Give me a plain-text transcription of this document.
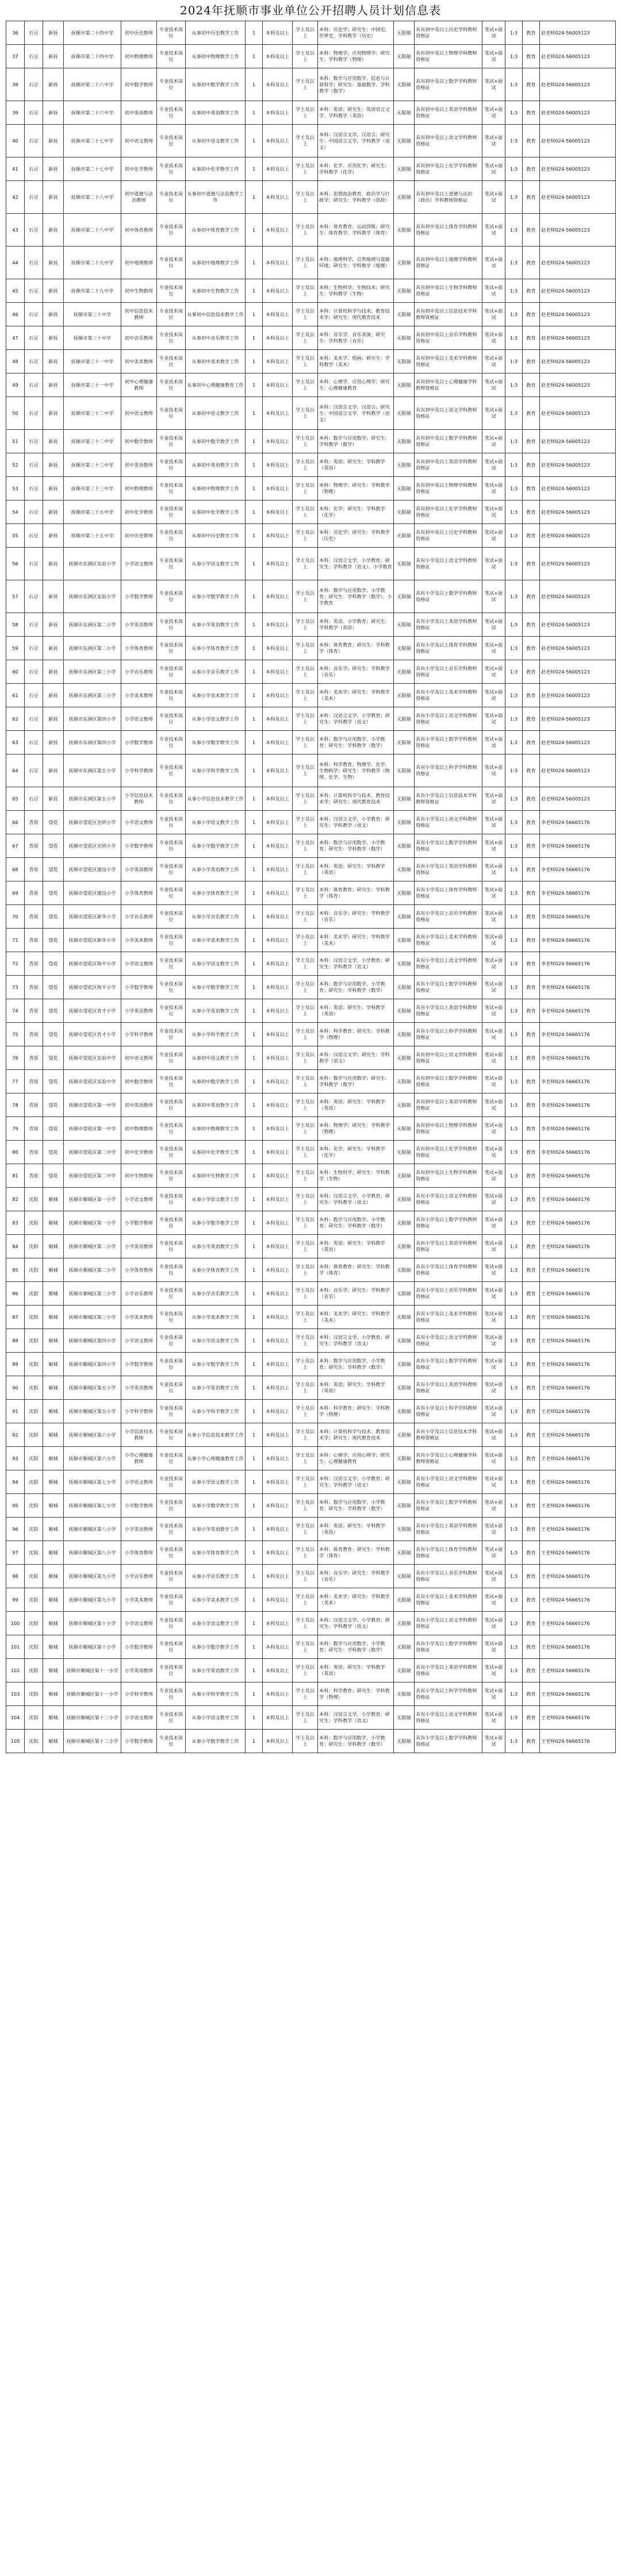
2024年抚顺市事业单位公开招聘人员计划信息表
36	石豆	新抚	抚顺市第二十四中学	初中历史教师	专业技术岗位	从事初中历史教学工作	1	本科及以上	学士及以上	本科：历史学；研究生：中国史、世界史、学科教学（历史）	无限制	具有初中及以上历史学科教师资格证	笔试+面试	1:3	教育	赵老师024-56005123
37	石豆	新抚	抚顺市第二十四中学	初中物理教师	专业技术岗位	从事初中物理教学工作	1	本科及以上	学士及以上	本科：物理学、应用物理学；研究生：学科教学（物理）	无限制	具有初中及以上物理学科教师资格证	笔试+面试	1:3	教育	赵老师024-56005123
38	石豆	新抚	抚顺市第二十六中学	初中数学教师	专业技术岗位	从事初中数学教学工作	1	本科及以上	学士及以上	本科：数学与应用数学、信息与计算科学；研究生：基础数学、学科教学（数学）	无限制	具有初中及以上数学学科教师资格证	笔试+面试	1:3	教育	赵老师024-56005123
39	石豆	新抚	抚顺市第二十六中学	初中英语教师	专业技术岗位	从事初中英语教学工作	1	本科及以上	学士及以上	本科：英语；研究生：英语语言文学、学科教学（英语）	无限制	具有初中及以上英语学科教师资格证	笔试+面试	1:3	教育	赵老师024-56005123
40	石豆	新抚	抚顺市第二十七中学	初中语文教师	专业技术岗位	从事初中语文教学工作	1	本科及以上	学士及以上	本科：汉语言文学、汉语言；研究生：中国语言文学、学科教学（语文）	无限制	具有初中及以上语文学科教师资格证	笔试+面试	1:3	教育	赵老师024-56005123
41	石豆	新抚	抚顺市第二十七中学	初中化学教师	专业技术岗位	从事初中化学教学工作	1	本科及以上	学士及以上	本科：化学、应用化学；研究生：学科教学（化学）	无限制	具有初中及以上化学学科教师资格证	笔试+面试	1:3	教育	赵老师024-56005123
42	石豆	新抚	抚顺市第二十八中学	初中道德与法治教师	专业技术岗位	从事初中道德与法治教学工作	1	本科及以上	学士及以上	本科：思想政治教育、政治学与行政学；研究生：学科教学（思政）	无限制	具有初中及以上道德与法治（政治）学科教师资格证	笔试+面试	1:3	教育	赵老师024-56005123
43	石豆	新抚	抚顺市第二十八中学	初中体育教师	专业技术岗位	从事初中体育教学工作	1	本科及以上	学士及以上	本科：体育教育、运动训练；研究生：体育教学、学科教学（体育）	无限制	具有初中及以上体育学科教师资格证	笔试+面试	1:3	教育	赵老师024-56005123
44	石豆	新抚	抚顺市第二十九中学	初中地理教师	专业技术岗位	从事初中地理教学工作	1	本科及以上	学士及以上	本科：地理科学、自然地理与资源环境；研究生：学科教学（地理）	无限制	具有初中及以上地理学科教师资格证	笔试+面试	1:3	教育	赵老师024-56005123
45	石豆	新抚	抚顺市第二十九中学	初中生物教师	专业技术岗位	从事初中生物教学工作	1	本科及以上	学士及以上	本科：生物科学、生物技术；研究生：学科教学（生物）	无限制	具有初中及以上生物学科教师资格证	笔试+面试	1:3	教育	赵老师024-56005123
46	石豆	新抚	抚顺市第三十中学	初中信息技术教师	专业技术岗位	从事初中信息技术教学工作	1	本科及以上	学士及以上	本科：计算机科学与技术、教育技术学；研究生：现代教育技术	无限制	具有初中及以上信息技术学科教师资格证	笔试+面试	1:3	教育	赵老师024-56005123
47	石豆	新抚	抚顺市第三十中学	初中音乐教师	专业技术岗位	从事初中音乐教学工作	1	本科及以上	学士及以上	本科：音乐学、音乐表演；研究生：学科教学（音乐）	无限制	具有初中及以上音乐学科教师资格证	笔试+面试	1:3	教育	赵老师024-56005123
48	石豆	新抚	抚顺市第三十一中学	初中美术教师	专业技术岗位	从事初中美术教学工作	1	本科及以上	学士及以上	本科：美术学、绘画；研究生：学科教学（美术）	无限制	具有初中及以上美术学科教师资格证	笔试+面试	1:3	教育	赵老师024-56005123
49	石豆	新抚	抚顺市第三十一中学	初中心理健康教师	专业技术岗位	从事初中心理健康教育工作	1	本科及以上	学士及以上	本科：心理学、应用心理学；研究生：心理健康教育	无限制	具有初中及以上心理健康学科教师资格证	笔试+面试	1:3	教育	赵老师024-56005123
50	石豆	新抚	抚顺市第三十二中学	初中语文教师	专业技术岗位	从事初中语文教学工作	1	本科及以上	学士及以上	本科：汉语言文学、汉语言；研究生：中国语言文学、学科教学（语文）	无限制	具有初中及以上语文学科教师资格证	笔试+面试	1:3	教育	赵老师024-56005123
51	石豆	新抚	抚顺市第三十二中学	初中数学教师	专业技术岗位	从事初中数学教学工作	1	本科及以上	学士及以上	本科：数学与应用数学；研究生：学科教学（数学）	无限制	具有初中及以上数学学科教师资格证	笔试+面试	1:3	教育	赵老师024-56005123
52	石豆	新抚	抚顺市第三十三中学	初中英语教师	专业技术岗位	从事初中英语教学工作	1	本科及以上	学士及以上	本科：英语；研究生：学科教学（英语）	无限制	具有初中及以上英语学科教师资格证	笔试+面试	1:3	教育	赵老师024-56005123
53	石豆	新抚	抚顺市第三十三中学	初中物理教师	专业技术岗位	从事初中物理教学工作	1	本科及以上	学士及以上	本科：物理学；研究生：学科教学（物理）	无限制	具有初中及以上物理学科教师资格证	笔试+面试	1:3	教育	赵老师024-56005123
54	石豆	新抚	抚顺市第三十五中学	初中化学教师	专业技术岗位	从事初中化学教学工作	1	本科及以上	学士及以上	本科：化学；研究生：学科教学（化学）	无限制	具有初中及以上化学学科教师资格证	笔试+面试	1:3	教育	赵老师024-56005123
55	石豆	新抚	抚顺市第三十五中学	初中历史教师	专业技术岗位	从事初中历史教学工作	1	本科及以上	学士及以上	本科：历史学；研究生：学科教学（历史）	无限制	具有初中及以上历史学科教师资格证	笔试+面试	1:3	教育	赵老师024-56005123
56	石豆	新抚	抚顺市东洲区实验小学	小学语文教师	专业技术岗位	从事小学语文教学工作	1	本科及以上	学士及以上	本科：汉语言文学、小学教育；研究生：学科教学（语文）、小学教育	无限制	具有小学及以上语文学科教师资格证	笔试+面试	1:3	教育	赵老师024-56005123
57	石豆	新抚	抚顺市东洲区实验小学	小学数学教师	专业技术岗位	从事小学数学教学工作	1	本科及以上	学士及以上	本科：数学与应用数学、小学教育；研究生：学科教学（数学）、小学教育	无限制	具有小学及以上数学学科教师资格证	笔试+面试	1:3	教育	赵老师024-56005123
58	石豆	新抚	抚顺市东洲区第二小学	小学英语教师	专业技术岗位	从事小学英语教学工作	1	本科及以上	学士及以上	本科：英语、小学教育；研究生：学科教学（英语）	无限制	具有小学及以上英语学科教师资格证	笔试+面试	1:3	教育	赵老师024-56005123
59	石豆	新抚	抚顺市东洲区第二小学	小学体育教师	专业技术岗位	从事小学体育教学工作	1	本科及以上	学士及以上	本科：体育教育；研究生：学科教学（体育）	无限制	具有小学及以上体育学科教师资格证	笔试+面试	1:3	教育	赵老师024-56005123
60	石豆	新抚	抚顺市东洲区第三小学	小学音乐教师	专业技术岗位	从事小学音乐教学工作	1	本科及以上	学士及以上	本科：音乐学；研究生：学科教学（音乐）	无限制	具有小学及以上音乐学科教师资格证	笔试+面试	1:3	教育	赵老师024-56005123
61	石豆	新抚	抚顺市东洲区第三小学	小学美术教师	专业技术岗位	从事小学美术教学工作	1	本科及以上	学士及以上	本科：美术学；研究生：学科教学（美术）	无限制	具有小学及以上美术学科教师资格证	笔试+面试	1:3	教育	赵老师024-56005123
62	石豆	新抚	抚顺市东洲区第四小学	小学语文教师	专业技术岗位	从事小学语文教学工作	1	本科及以上	学士及以上	本科：汉语言文学、小学教育；研究生：学科教学（语文）	无限制	具有小学及以上语文学科教师资格证	笔试+面试	1:3	教育	赵老师024-56005123
63	石豆	新抚	抚顺市东洲区第四小学	小学数学教师	专业技术岗位	从事小学数学教学工作	1	本科及以上	学士及以上	本科：数学与应用数学、小学教育；研究生：学科教学（数学）	无限制	具有小学及以上数学学科教师资格证	笔试+面试	1:3	教育	赵老师024-56005123
64	石豆	新抚	抚顺市东洲区第五小学	小学科学教师	专业技术岗位	从事小学科学教学工作	1	本科及以上	学士及以上	本科：科学教育、物理学、化学、生物科学；研究生：学科教学（物理、化学、生物）	无限制	具有小学及以上科学学科教师资格证	笔试+面试	1:3	教育	赵老师024-56005123
65	石豆	新抚	抚顺市东洲区第五小学	小学信息技术教师	专业技术岗位	从事小学信息技术教学工作	1	本科及以上	学士及以上	本科：计算机科学与技术、教育技术学；研究生：现代教育技术	无限制	具有小学及以上信息技术学科教师资格证	笔试+面试	1:3	教育	赵老师024-56005123
66	青原	望花	抚顺市望花区光明小学	小学语文教师	专业技术岗位	从事小学语文教学工作	1	本科及以上	学士及以上	本科：汉语言文学、小学教育；研究生：学科教学（语文）	无限制	具有小学及以上语文学科教师资格证	笔试+面试	1:3	教育	李老师024-56665176
67	青原	望花	抚顺市望花区光明小学	小学数学教师	专业技术岗位	从事小学数学教学工作	1	本科及以上	学士及以上	本科：数学与应用数学、小学教育；研究生：学科教学（数学）	无限制	具有小学及以上数学学科教师资格证	笔试+面试	1:3	教育	李老师024-56665176
68	青原	望花	抚顺市望花区建设小学	小学英语教师	专业技术岗位	从事小学英语教学工作	1	本科及以上	学士及以上	本科：英语；研究生：学科教学（英语）	无限制	具有小学及以上英语学科教师资格证	笔试+面试	1:3	教育	李老师024-56665176
69	青原	望花	抚顺市望花区建设小学	小学体育教师	专业技术岗位	从事小学体育教学工作	1	本科及以上	学士及以上	本科：体育教育；研究生：学科教学（体育）	无限制	具有小学及以上体育学科教师资格证	笔试+面试	1:3	教育	李老师024-56665176
70	青原	望花	抚顺市望花区新华小学	小学音乐教师	专业技术岗位	从事小学音乐教学工作	1	本科及以上	学士及以上	本科：音乐学；研究生：学科教学（音乐）	无限制	具有小学及以上音乐学科教师资格证	笔试+面试	1:3	教育	李老师024-56665176
71	青原	望花	抚顺市望花区新华小学	小学美术教师	专业技术岗位	从事小学美术教学工作	1	本科及以上	学士及以上	本科：美术学；研究生：学科教学（美术）	无限制	具有小学及以上美术学科教师资格证	笔试+面试	1:3	教育	李老师024-56665176
72	青原	望花	抚顺市望花区和平小学	小学语文教师	专业技术岗位	从事小学语文教学工作	1	本科及以上	学士及以上	本科：汉语言文学、小学教育；研究生：学科教学（语文）	无限制	具有小学及以上语文学科教师资格证	笔试+面试	1:3	教育	李老师024-56665176
73	青原	望花	抚顺市望花区和平小学	小学数学教师	专业技术岗位	从事小学数学教学工作	1	本科及以上	学士及以上	本科：数学与应用数学、小学教育；研究生：学科教学（数学）	无限制	具有小学及以上数学学科教师资格证	笔试+面试	1:3	教育	李老师024-56665176
74	青原	望花	抚顺市望花区育才小学	小学英语教师	专业技术岗位	从事小学英语教学工作	1	本科及以上	学士及以上	本科：英语；研究生：学科教学（英语）	无限制	具有小学及以上英语学科教师资格证	笔试+面试	1:3	教育	李老师024-56665176
75	青原	望花	抚顺市望花区育才小学	小学科学教师	专业技术岗位	从事小学科学教学工作	1	本科及以上	学士及以上	本科：科学教育；研究生：学科教学（物理）	无限制	具有小学及以上科学学科教师资格证	笔试+面试	1:3	教育	李老师024-56665176
76	青原	望花	抚顺市望花区实验中学	初中语文教师	专业技术岗位	从事初中语文教学工作	1	本科及以上	学士及以上	本科：汉语言文学；研究生：学科教学（语文）	无限制	具有初中及以上语文学科教师资格证	笔试+面试	1:3	教育	李老师024-56665176
77	青原	望花	抚顺市望花区实验中学	初中数学教师	专业技术岗位	从事初中数学教学工作	1	本科及以上	学士及以上	本科：数学与应用数学；研究生：学科教学（数学）	无限制	具有初中及以上数学学科教师资格证	笔试+面试	1:3	教育	李老师024-56665176
78	青原	望花	抚顺市望花区第一中学	初中英语教师	专业技术岗位	从事初中英语教学工作	1	本科及以上	学士及以上	本科：英语；研究生：学科教学（英语）	无限制	具有初中及以上英语学科教师资格证	笔试+面试	1:3	教育	李老师024-56665176
79	青原	望花	抚顺市望花区第一中学	初中物理教师	专业技术岗位	从事初中物理教学工作	1	本科及以上	学士及以上	本科：物理学；研究生：学科教学（物理）	无限制	具有初中及以上物理学科教师资格证	笔试+面试	1:3	教育	李老师024-56665176
80	青原	望花	抚顺市望花区第二中学	初中化学教师	专业技术岗位	从事初中化学教学工作	1	本科及以上	学士及以上	本科：化学；研究生：学科教学（化学）	无限制	具有初中及以上化学学科教师资格证	笔试+面试	1:3	教育	李老师024-56665176
81	青原	望花	抚顺市望花区第二中学	初中生物教师	专业技术岗位	从事初中生物教学工作	1	本科及以上	学士及以上	本科：生物科学；研究生：学科教学（生物）	无限制	具有初中及以上生物学科教师资格证	笔试+面试	1:3	教育	李老师024-56665176
82	沈阳	顺城	抚顺市顺城区第一小学	小学语文教师	专业技术岗位	从事小学语文教学工作	1	本科及以上	学士及以上	本科：汉语言文学、小学教育；研究生：学科教学（语文）	无限制	具有小学及以上语文学科教师资格证	笔试+面试	1:3	教育	王老师024-56665176
83	沈阳	顺城	抚顺市顺城区第一小学	小学数学教师	专业技术岗位	从事小学数学教学工作	1	本科及以上	学士及以上	本科：数学与应用数学、小学教育；研究生：学科教学（数学）	无限制	具有小学及以上数学学科教师资格证	笔试+面试	1:3	教育	王老师024-56665176
84	沈阳	顺城	抚顺市顺城区第二小学	小学英语教师	专业技术岗位	从事小学英语教学工作	1	本科及以上	学士及以上	本科：英语；研究生：学科教学（英语）	无限制	具有小学及以上英语学科教师资格证	笔试+面试	1:3	教育	王老师024-56665176
85	沈阳	顺城	抚顺市顺城区第二小学	小学体育教师	专业技术岗位	从事小学体育教学工作	1	本科及以上	学士及以上	本科：体育教育；研究生：学科教学（体育）	无限制	具有小学及以上体育学科教师资格证	笔试+面试	1:3	教育	王老师024-56665176
86	沈阳	顺城	抚顺市顺城区第三小学	小学音乐教师	专业技术岗位	从事小学音乐教学工作	1	本科及以上	学士及以上	本科：音乐学；研究生：学科教学（音乐）	无限制	具有小学及以上音乐学科教师资格证	笔试+面试	1:3	教育	王老师024-56665176
87	沈阳	顺城	抚顺市顺城区第三小学	小学美术教师	专业技术岗位	从事小学美术教学工作	1	本科及以上	学士及以上	本科：美术学；研究生：学科教学（美术）	无限制	具有小学及以上美术学科教师资格证	笔试+面试	1:3	教育	王老师024-56665176
88	沈阳	顺城	抚顺市顺城区第四小学	小学语文教师	专业技术岗位	从事小学语文教学工作	1	本科及以上	学士及以上	本科：汉语言文学、小学教育；研究生：学科教学（语文）	无限制	具有小学及以上语文学科教师资格证	笔试+面试	1:3	教育	王老师024-56665176
89	沈阳	顺城	抚顺市顺城区第四小学	小学数学教师	专业技术岗位	从事小学数学教学工作	1	本科及以上	学士及以上	本科：数学与应用数学、小学教育；研究生：学科教学（数学）	无限制	具有小学及以上数学学科教师资格证	笔试+面试	1:3	教育	王老师024-56665176
90	沈阳	顺城	抚顺市顺城区第五小学	小学英语教师	专业技术岗位	从事小学英语教学工作	1	本科及以上	学士及以上	本科：英语；研究生：学科教学（英语）	无限制	具有小学及以上英语学科教师资格证	笔试+面试	1:3	教育	王老师024-56665176
91	沈阳	顺城	抚顺市顺城区第五小学	小学科学教师	专业技术岗位	从事小学科学教学工作	1	本科及以上	学士及以上	本科：科学教育；研究生：学科教学（物理）	无限制	具有小学及以上科学学科教师资格证	笔试+面试	1:3	教育	王老师024-56665176
92	沈阳	顺城	抚顺市顺城区第六小学	小学信息技术教师	专业技术岗位	从事小学信息技术教学工作	1	本科及以上	学士及以上	本科：计算机科学与技术、教育技术学；研究生：现代教育技术	无限制	具有小学及以上信息技术学科教师资格证	笔试+面试	1:3	教育	王老师024-56665176
93	沈阳	顺城	抚顺市顺城区第六小学	小学心理健康教师	专业技术岗位	从事小学心理健康教育工作	1	本科及以上	学士及以上	本科：心理学、应用心理学；研究生：心理健康教育	无限制	具有小学及以上心理健康学科教师资格证	笔试+面试	1:3	教育	王老师024-56665176
94	沈阳	顺城	抚顺市顺城区第七小学	小学语文教师	专业技术岗位	从事小学语文教学工作	1	本科及以上	学士及以上	本科：汉语言文学、小学教育；研究生：学科教学（语文）	无限制	具有小学及以上语文学科教师资格证	笔试+面试	1:3	教育	王老师024-56665176
95	沈阳	顺城	抚顺市顺城区第七小学	小学数学教师	专业技术岗位	从事小学数学教学工作	1	本科及以上	学士及以上	本科：数学与应用数学、小学教育；研究生：学科教学（数学）	无限制	具有小学及以上数学学科教师资格证	笔试+面试	1:3	教育	王老师024-56665176
96	沈阳	顺城	抚顺市顺城区第八小学	小学英语教师	专业技术岗位	从事小学英语教学工作	1	本科及以上	学士及以上	本科：英语；研究生：学科教学（英语）	无限制	具有小学及以上英语学科教师资格证	笔试+面试	1:3	教育	王老师024-56665176
97	沈阳	顺城	抚顺市顺城区第八小学	小学体育教师	专业技术岗位	从事小学体育教学工作	1	本科及以上	学士及以上	本科：体育教育；研究生：学科教学（体育）	无限制	具有小学及以上体育学科教师资格证	笔试+面试	1:3	教育	王老师024-56665176
98	沈阳	顺城	抚顺市顺城区第九小学	小学音乐教师	专业技术岗位	从事小学音乐教学工作	1	本科及以上	学士及以上	本科：音乐学；研究生：学科教学（音乐）	无限制	具有小学及以上音乐学科教师资格证	笔试+面试	1:3	教育	王老师024-56665176
99	沈阳	顺城	抚顺市顺城区第九小学	小学美术教师	专业技术岗位	从事小学美术教学工作	1	本科及以上	学士及以上	本科：美术学；研究生：学科教学（美术）	无限制	具有小学及以上美术学科教师资格证	笔试+面试	1:3	教育	王老师024-56665176
100	沈阳	顺城	抚顺市顺城区第十小学	小学语文教师	专业技术岗位	从事小学语文教学工作	1	本科及以上	学士及以上	本科：汉语言文学、小学教育；研究生：学科教学（语文）	无限制	具有小学及以上语文学科教师资格证	笔试+面试	1:3	教育	王老师024-56665176
101	沈阳	顺城	抚顺市顺城区第十小学	小学数学教师	专业技术岗位	从事小学数学教学工作	1	本科及以上	学士及以上	本科：数学与应用数学、小学教育；研究生：学科教学（数学）	无限制	具有小学及以上数学学科教师资格证	笔试+面试	1:3	教育	王老师024-56665176
102	沈阳	顺城	抚顺市顺城区第十一小学	小学英语教师	专业技术岗位	从事小学英语教学工作	1	本科及以上	学士及以上	本科：英语；研究生：学科教学（英语）	无限制	具有小学及以上英语学科教师资格证	笔试+面试	1:3	教育	王老师024-56665176
103	沈阳	顺城	抚顺市顺城区第十一小学	小学科学教师	专业技术岗位	从事小学科学教学工作	1	本科及以上	学士及以上	本科：科学教育；研究生：学科教学（物理）	无限制	具有小学及以上科学学科教师资格证	笔试+面试	1:3	教育	王老师024-56665176
104	沈阳	顺城	抚顺市顺城区第十二小学	小学语文教师	专业技术岗位	从事小学语文教学工作	1	本科及以上	学士及以上	本科：汉语言文学、小学教育；研究生：学科教学（语文）	无限制	具有小学及以上语文学科教师资格证	笔试+面试	1:3	教育	王老师024-56665176
105	沈阳	顺城	抚顺市顺城区第十二小学	小学数学教师	专业技术岗位	从事小学数学教学工作	1	本科及以上	学士及以上	本科：数学与应用数学、小学教育；研究生：学科教学（数学）	无限制	具有小学及以上数学学科教师资格证	笔试+面试	1:3	教育	王老师024-56665176
